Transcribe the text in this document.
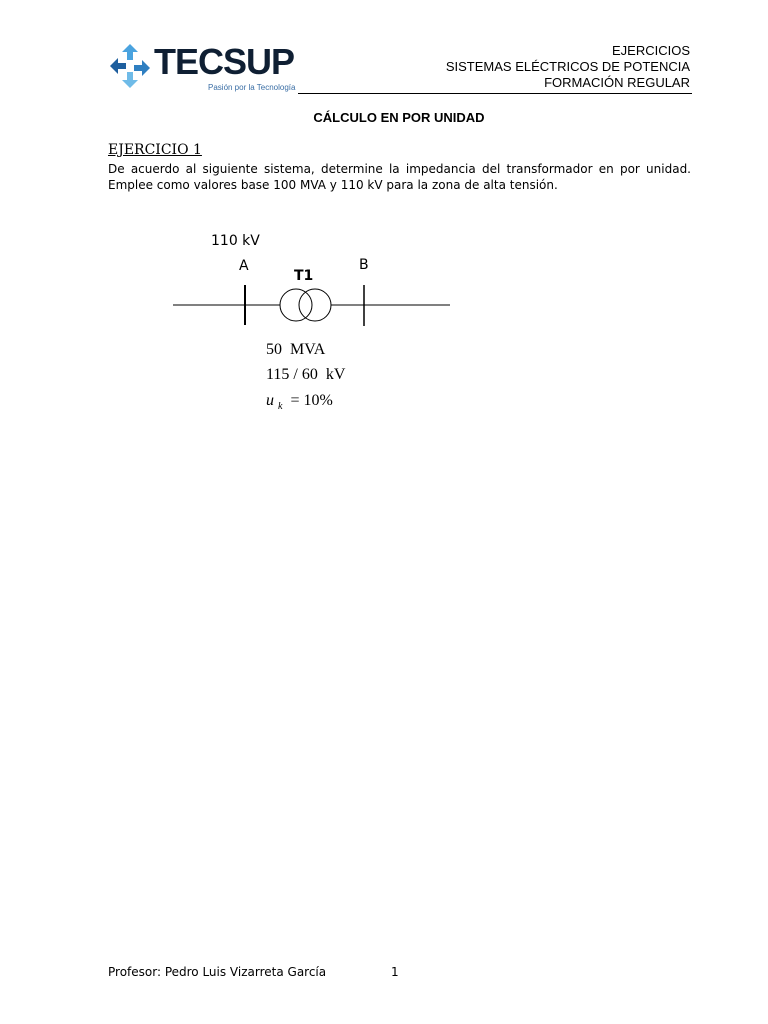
TECSUP
Pasión por la Tecnología
EJERCICIOS
SISTEMAS ELÉCTRICOS DE POTENCIA
FORMACIÓN REGULAR
CÁLCULO EN POR UNIDAD
EJERCICIO 1
De acuerdo al siguiente sistema, determine la impedancia del transformador en por unidad. Emplee como valores base 100 MVA y 110 kV para la zona de alta tensión.
110 kV
A	B
T1
50  MVA
115 / 60  kV
u $_k$ = 10%
Profesor: Pedro Luis Vizarreta García	1
